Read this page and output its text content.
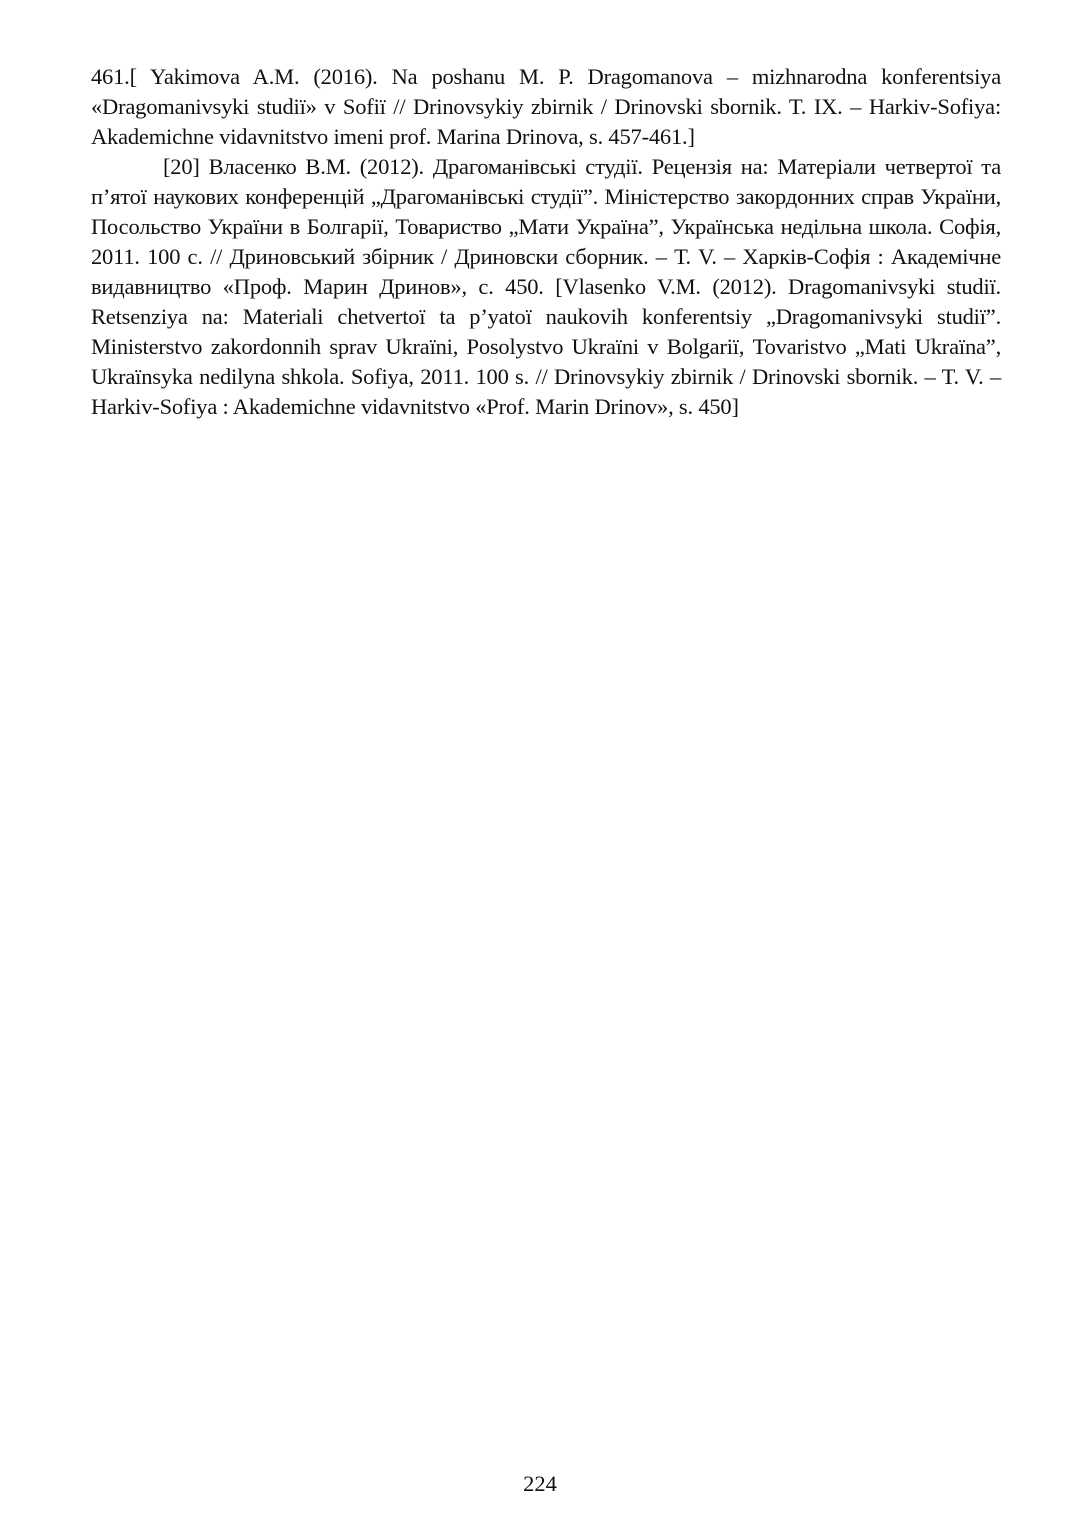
461.[ Yakimova A.M. (2016). Na poshanu M. P. Dragomanova – mizhnarodna konferentsiya «Dragomanivsyki studiї» v Sofiї // Drinovsykiy zbirnik / Drinovski sbornik. T. IX. – Harkiv-Sofiya: Akademichne vidavnitstvo imeni prof. Marina Drinova, s. 457-461.]

[20] Власенко В.М. (2012). Драгоманівські студії. Рецензія на: Матеріали четвертої та п’ятої наукових конференцій „Драгоманівські студії”. Міністерство закордонних справ України, Посольство України в Болгарії, Товариство „Мати Україна”, Українська недільна школа. Софія, 2011. 100 с. // Дриновський збірник / Дриновски сборник. – Т. V. – Харків-Софія : Академічне видавництво «Проф. Марин Дринов», с. 450. [Vlasenko V.M. (2012). Dragomanivsyki studiї. Retsenziya na: Materiali chetvertoї ta p’yatoї naukovih konferentsiy „Dragomanivsyki studiї”. Ministerstvo zakordonnih sprav Ukraїni, Posolystvo Ukraїni v Bolgariї, Tovaristvo „Mati Ukraїna”, Ukraїnsyka nedilyna shkola. Sofiya, 2011. 100 s. // Drinovsykiy zbirnik / Drinovski sbornik. – T. V. – Harkiv-Sofiya : Akademichne vidavnitstvo «Prof. Marin Drinov», s. 450]

224
